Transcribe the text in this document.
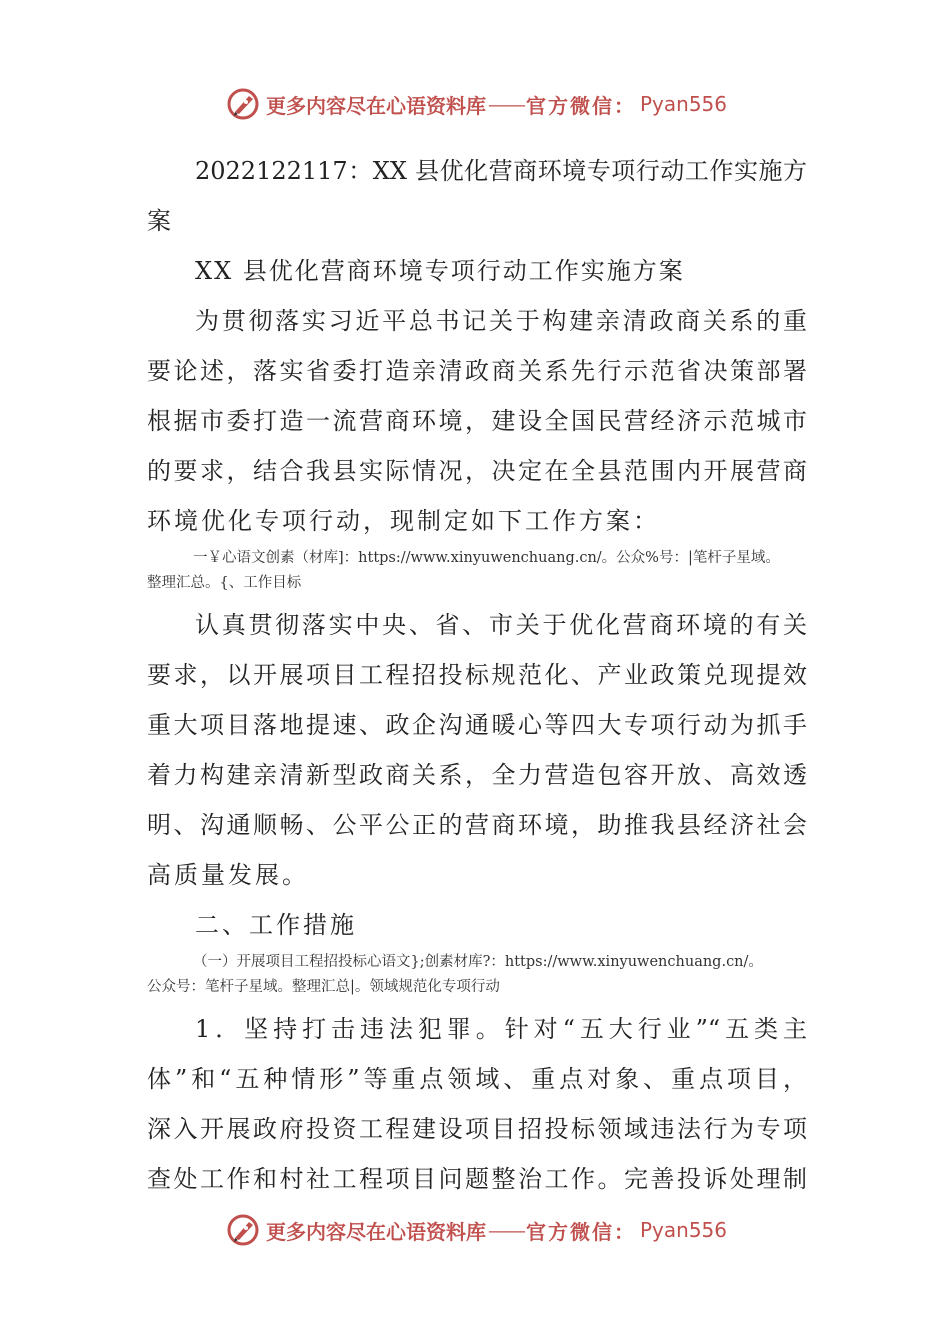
更多内容尽在心语资料库 —— 官方微信： Pyan556

2022122117：XX 县优化营商环境专项行动工作实施方

案

XX 县优化营商环境专项行动工作实施方案

为贯彻落实习近平总书记关于构建亲清政商关系的重

要论述，落实省委打造亲清政商关系先行示范省决策部署

根据市委打造一流营商环境，建设全国民营经济示范城市

的要求，结合我县实际情况，决定在全县范围内开展营商

环境优化专项行动，现制定如下工作方案：

一￥心语文创素（材库]：https://www.xinyuwenchuang.cn/。公众%号：|笔杆子星域。

整理汇总。{、工作目标

认真贯彻落实中央、省、市关于优化营商环境的有关

要求，以开展项目工程招投标规范化、产业政策兑现提效

重大项目落地提速、政企沟通暖心等四大专项行动为抓手

着力构建亲清新型政商关系，全力营造包容开放、高效透

明、沟通顺畅、公平公正的营商环境，助推我县经济社会

高质量发展。

二、工作措施

（一）开展项目工程招投标心语文};创素材库?：https://www.xinyuwenchuang.cn/。

公众号：笔杆子星域。整理汇总|。领域规范化专项行动

1．坚持打击违法犯罪。针对“五大行业”“五类主

体”和“五种情形”等重点领域、重点对象、重点项目，

深入开展政府投资工程建设项目招投标领域违法行为专项

查处工作和村社工程项目问题整治工作。完善投诉处理制

更多内容尽在心语资料库 —— 官方微信： Pyan556
